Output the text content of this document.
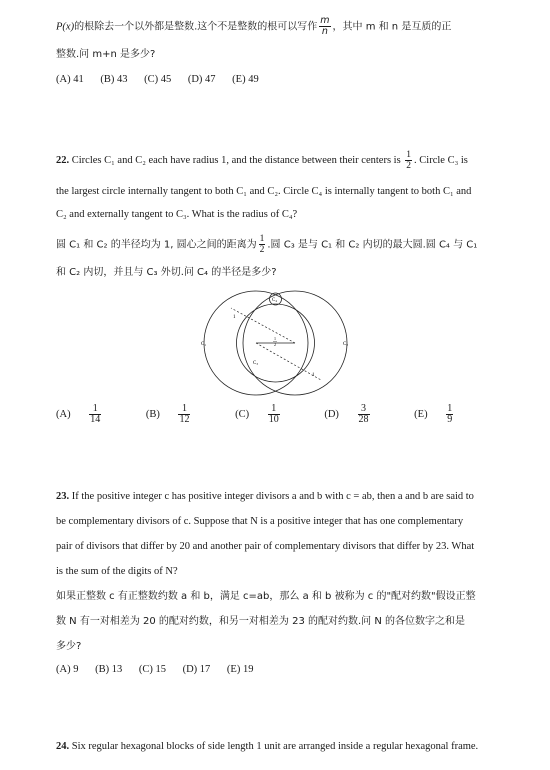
P(x)的根除去一个以外都是整数.这个不是整数的根可以写作 $\frac{m}{n}$ ，其中 m 和 n 是互质的正
整数.问 m+n 是多少?
(A) 41 (B) 43 (C) 45 (D) 47 (E) 49
22. Circles C₁ and C₂ each have radius 1, and the distance between their centers is $\frac{1}{2}$ . Circle C₃ is
the largest circle internally tangent to both C₁ and C₂. Circle C₄ is internally tangent to both C₁ and
C₂ and externally tangent to C₃. What is the radius of C₄?
圆 C₁ 和 C₂ 的半径均为 1, 圆心之间的距离为 $\frac{1}{2}$ .圆 C₃ 是与 C₁ 和 C₂ 内切的最大圆.圆 C₄ 与 C₁
和 C₂ 内切，并且与 C₃ 外切.问 C₄ 的半径是多少?
C₁	C₂
C₃
C₄
1
1
1
2
(A)
$\frac{1}{14}$
	(B)
$\frac{1}{12}$
	(C)
$\frac{1}{10}$
	(D)
$\frac{3}{28}$
	(E)
$\frac{1}{9}$
23. If the positive integer c has positive integer divisors a and b with c = ab, then a and b are said to
be complementary divisors of c. Suppose that N is a positive integer that has one complementary
pair of divisors that differ by 20 and another pair of complementary divisors that differ by 23. What
is the sum of the digits of N?
如果正整数 c 有正整数约数 a 和 b，满足 c=ab，那么 a 和 b 被称为 c 的"配对约数"假设正整
数 N 有一对相差为 20 的配对约数，和另一对相差为 23 的配对约数.问 N 的各位数字之和是
多少?
(A) 9 (B) 13 (C) 15 (D) 17 (E) 19
24. Six regular hexagonal blocks of side length 1 unit are arranged inside a regular hexagonal frame.
